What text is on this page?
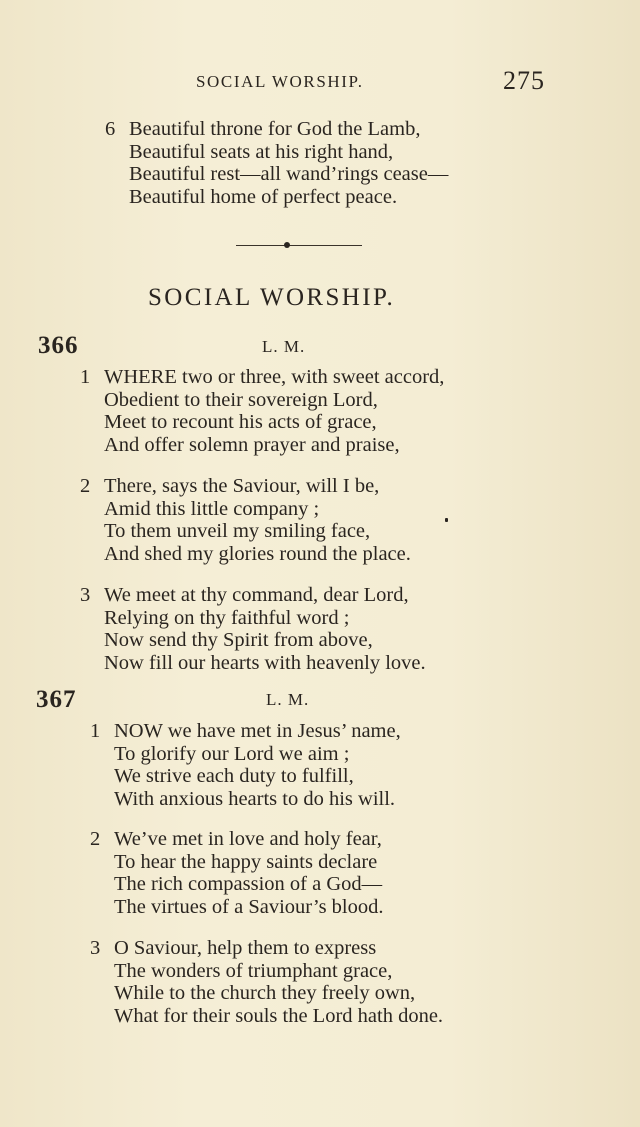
SOCIAL WORSHIP.	275
6 Beautiful throne for God the Lamb,
Beautiful seats at his right hand,
Beautiful rest—all wand’rings cease—
Beautiful home of perfect peace.
SOCIAL WORSHIP.
366	L. M.
1 WHERE two or three, with sweet accord,
Obedient to their sovereign Lord,
Meet to recount his acts of grace,
And offer solemn prayer and praise,
2 There, says the Saviour, will I be,
Amid this little company ;
To them unveil my smiling face,
And shed my glories round the place.
3 We meet at thy command, dear Lord,
Relying on thy faithful word ;
Now send thy Spirit from above,
Now fill our hearts with heavenly love.
367	L. M.
1 NOW we have met in Jesus’ name,
To glorify our Lord we aim ;
We strive each duty to fulfill,
With anxious hearts to do his will.
2 We’ve met in love and holy fear,
To hear the happy saints declare
The rich compassion of a God—
The virtues of a Saviour’s blood.
3 O Saviour, help them to express
The wonders of triumphant grace,
While to the church they freely own,
What for their souls the Lord hath done.
